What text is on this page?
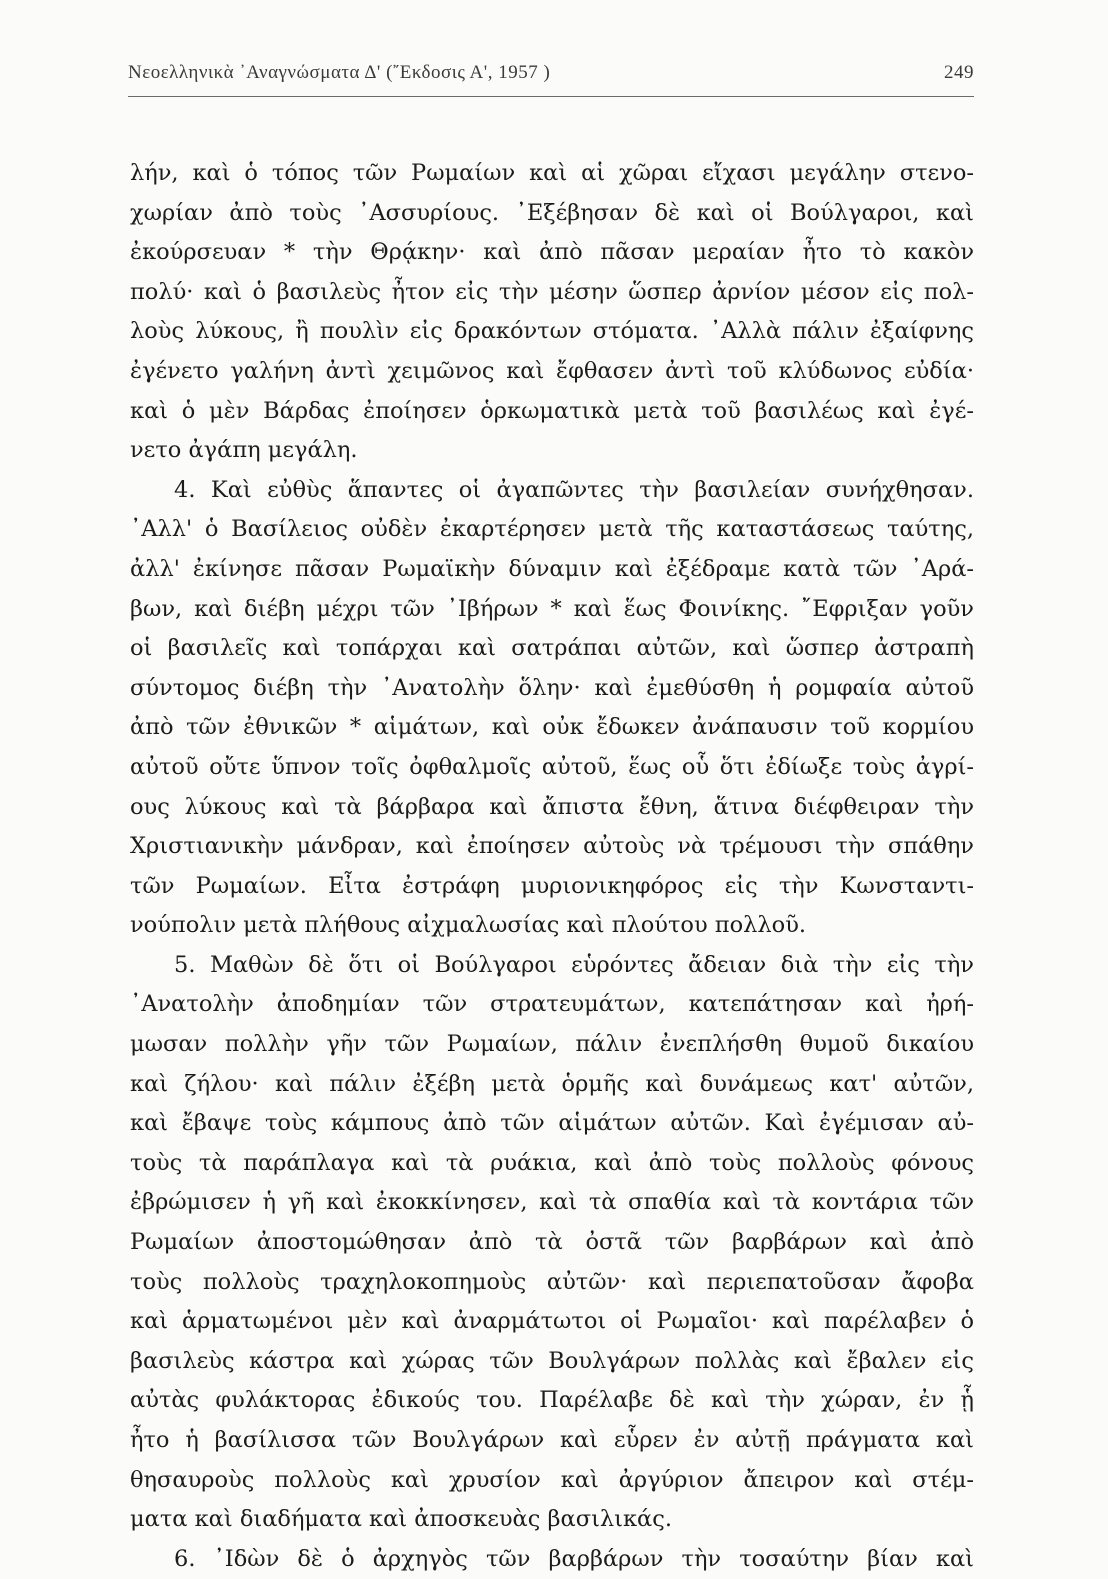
Νεοελληνικὰ ᾿Αναγνώσματα Δ' (῎Εκδοσις Α', 1957 )	249
λήν, καὶ ὁ τόπος τῶν Ρωμαίων καὶ αἱ χῶραι εἴχασι μεγάλην στενο-
χωρίαν ἀπὸ τοὺς ᾿Ασσυρίους. ᾿Εξέβησαν δὲ καὶ οἱ Βούλγαροι, καὶ
ἐκούρσευαν * τὴν Θρᾴκην· καὶ ἀπὸ πᾶσαν μεραίαν ἦτο τὸ κακὸν
πολύ· καὶ ὁ βασιλεὺς ἦτον εἰς τὴν μέσην ὥσπερ ἀρνίον μέσον εἰς πολ-
λοὺς λύκους, ἢ πουλὶν εἰς δρακόντων στόματα. ᾿Αλλὰ πάλιν ἐξαίφνης
ἐγένετο γαλήνη ἀντὶ χειμῶνος καὶ ἔφθασεν ἀντὶ τοῦ κλύδωνος εὐδία·
καὶ ὁ μὲν Βάρδας ἐποίησεν ὁρκωματικὰ μετὰ τοῦ βασιλέως καὶ ἐγέ-
νετο ἀγάπη μεγάλη.
4. Καὶ εὐθὺς ἅπαντες οἱ ἀγαπῶντες τὴν βασιλείαν συνήχθησαν.
᾿Αλλ' ὁ Βασίλειος οὐδὲν ἐκαρτέρησεν μετὰ τῆς καταστάσεως ταύτης,
ἀλλ' ἐκίνησε πᾶσαν Ρωμαϊκὴν δύναμιν καὶ ἐξέδραμε κατὰ τῶν ᾿Αρά-
βων, καὶ διέβη μέχρι τῶν ᾿Ιβήρων * καὶ ἕως Φοινίκης. ῎Εφριξαν γοῦν
οἱ βασιλεῖς καὶ τοπάρχαι καὶ σατράπαι αὐτῶν, καὶ ὥσπερ ἀστραπὴ
σύντομος διέβη τὴν ᾿Ανατολὴν ὅλην· καὶ ἐμεθύσθη ἡ ρομφαία αὐτοῦ
ἀπὸ τῶν ἐθνικῶν * αἱμάτων, καὶ οὐκ ἔδωκεν ἀνάπαυσιν τοῦ κορμίου
αὐτοῦ οὔτε ὕπνον τοῖς ὀφθαλμοῖς αὐτοῦ, ἕως οὗ ὅτι ἐδίωξε τοὺς ἀγρί-
ους λύκους καὶ τὰ βάρβαρα καὶ ἄπιστα ἔθνη, ἅτινα διέφθειραν τὴν
Χριστιανικὴν μάνδραν, καὶ ἐποίησεν αὐτοὺς νὰ τρέμουσι τὴν σπάθην
τῶν Ρωμαίων. Εἶτα ἐστράφη μυριονικηφόρος εἰς τὴν Κωνσταντι-
νούπολιν μετὰ πλήθους αἰχμαλωσίας καὶ πλούτου πολλοῦ.
5. Μαθὼν δὲ ὅτι οἱ Βούλγαροι εὑρόντες ἄδειαν διὰ τὴν εἰς τὴν
᾿Ανατολὴν ἀποδημίαν τῶν στρατευμάτων, κατεπάτησαν καὶ ἠρή-
μωσαν πολλὴν γῆν τῶν Ρωμαίων, πάλιν ἐνεπλήσθη θυμοῦ δικαίου
καὶ ζήλου· καὶ πάλιν ἐξέβη μετὰ ὁρμῆς καὶ δυνάμεως κατ' αὐτῶν,
καὶ ἔβαψε τοὺς κάμπους ἀπὸ τῶν αἱμάτων αὐτῶν. Καὶ ἐγέμισαν αὐ-
τοὺς τὰ παράπλαγα καὶ τὰ ρυάκια, καὶ ἀπὸ τοὺς πολλοὺς φόνους
ἐβρώμισεν ἡ γῆ καὶ ἐκοκκίνησεν, καὶ τὰ σπαθία καὶ τὰ κοντάρια τῶν
Ρωμαίων ἀποστομώθησαν ἀπὸ τὰ ὀστᾶ τῶν βαρβάρων καὶ ἀπὸ
τοὺς πολλοὺς τραχηλοκοπημοὺς αὐτῶν· καὶ περιεπατοῦσαν ἄφοβα
καὶ ἁρματωμένοι μὲν καὶ ἀναρμάτωτοι οἱ Ρωμαῖοι· καὶ παρέλαβεν ὁ
βασιλεὺς κάστρα καὶ χώρας τῶν Βουλγάρων πολλὰς καὶ ἔβαλεν εἰς
αὐτὰς φυλάκτορας ἐδικούς του. Παρέλαβε δὲ καὶ τὴν χώραν, ἐν ᾗ
ἦτο ἡ βασίλισσα τῶν Βουλγάρων καὶ εὗρεν ἐν αὐτῇ πράγματα καὶ
θησαυροὺς πολλοὺς καὶ χρυσίον καὶ ἀργύριον ἄπειρον καὶ στέμ-
ματα καὶ διαδήματα καὶ ἀποσκευὰς βασιλικάς.
6. ᾿Ιδὼν δὲ ὁ ἀρχηγὸς τῶν βαρβάρων τὴν τοσαύτην βίαν καὶ
